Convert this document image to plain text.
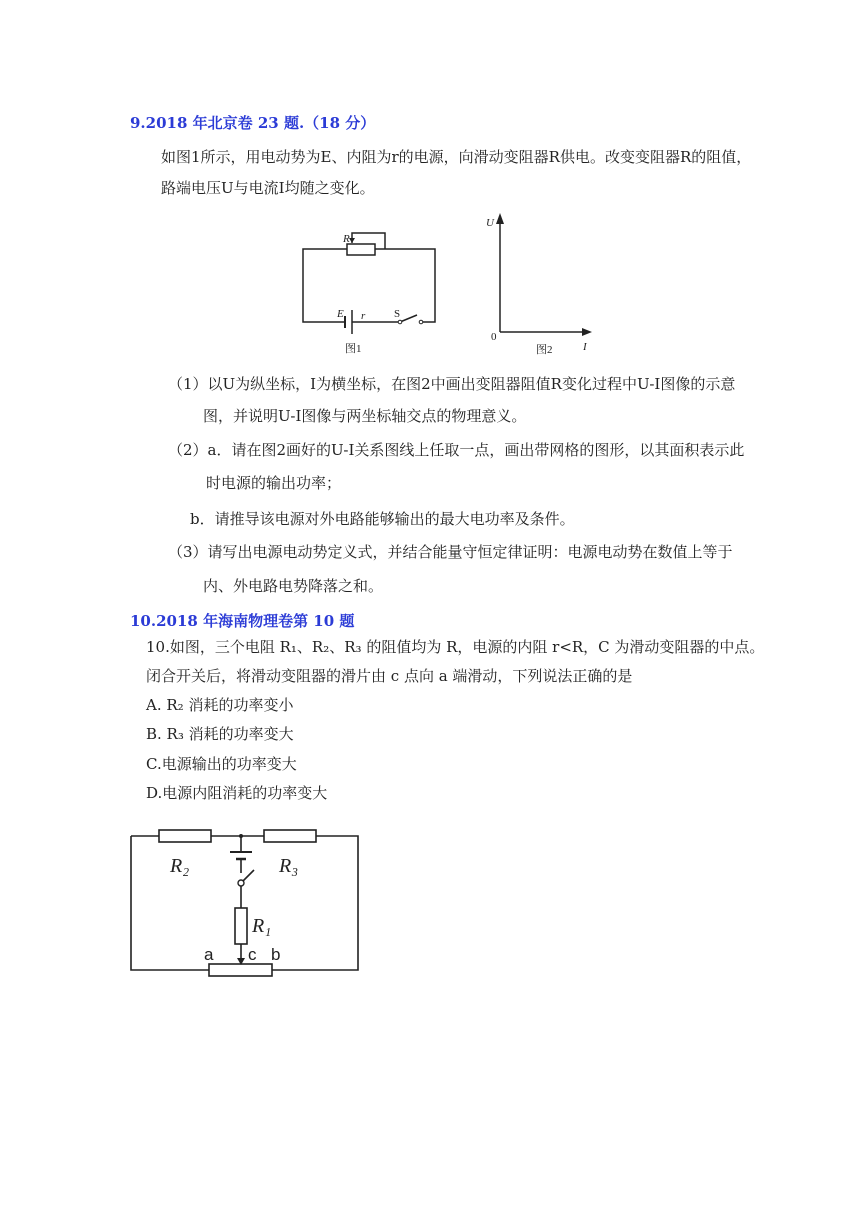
9.2018 年北京卷 23 题.（18 分）
如图1所示，用电动势为E、内阻为r的电源，向滑动变阻器R供电。改变变阻器R的阻值，
路端电压U与电流I均随之变化。
R
E r	S
图1
U
0
I
图2
（1）以U为纵坐标，I为横坐标，在图2中画出变阻器阻值R变化过程中U-I图像的示意
图，并说明U-I图像与两坐标轴交点的物理意义。
（2）a．请在图2画好的U-I关系图线上任取一点，画出带网格的图形，以其面积表示此
时电源的输出功率；
b．请推导该电源对外电路能够输出的最大电功率及条件。
（3）请写出电源电动势定义式，并结合能量守恒定律证明：电源电动势在数值上等于
内、外电路电势降落之和。
10.2018 年海南物理卷第 10 题
10.如图，三个电阻 R₁、R₂、R₃ 的阻值均为 R，电源的内阻 r<R，C 为滑动变阻器的中点。
闭合开关后，将滑动变阻器的滑片由 c 点向 a 端滑动，下列说法正确的是
A. R₂ 消耗的功率变小
B. R₃ 消耗的功率变大
C.电源输出的功率变大
D.电源内阻消耗的功率变大
R₂	R₃
R₁
a c b
